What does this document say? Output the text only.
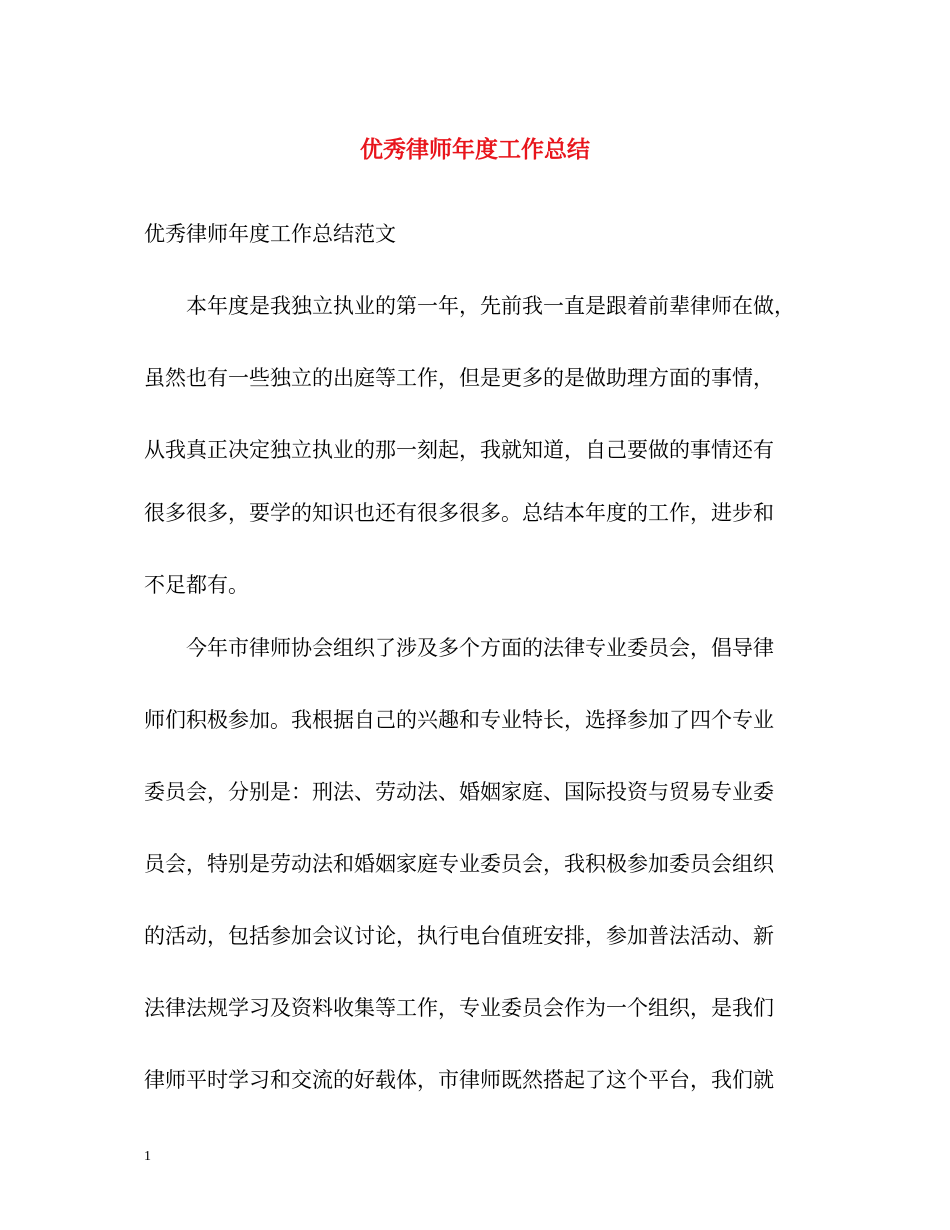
优秀律师年度工作总结

优秀律师年度工作总结范文

本年度是我独立执业的第一年，先前我一直是跟着前辈律师在做，

虽然也有一些独立的出庭等工作，但是更多的是做助理方面的事情，

从我真正决定独立执业的那一刻起，我就知道，自己要做的事情还有

很多很多，要学的知识也还有很多很多。总结本年度的工作，进步和

不足都有。

今年市律师协会组织了涉及多个方面的法律专业委员会，倡导律

师们积极参加。我根据自己的兴趣和专业特长，选择参加了四个专业

委员会，分别是：刑法、劳动法、婚姻家庭、国际投资与贸易专业委

员会，特别是劳动法和婚姻家庭专业委员会，我积极参加委员会组织

的活动，包括参加会议讨论，执行电台值班安排，参加普法活动、新

法律法规学习及资料收集等工作，专业委员会作为一个组织，是我们

律师平时学习和交流的好载体，市律师既然搭起了这个平台，我们就

1
